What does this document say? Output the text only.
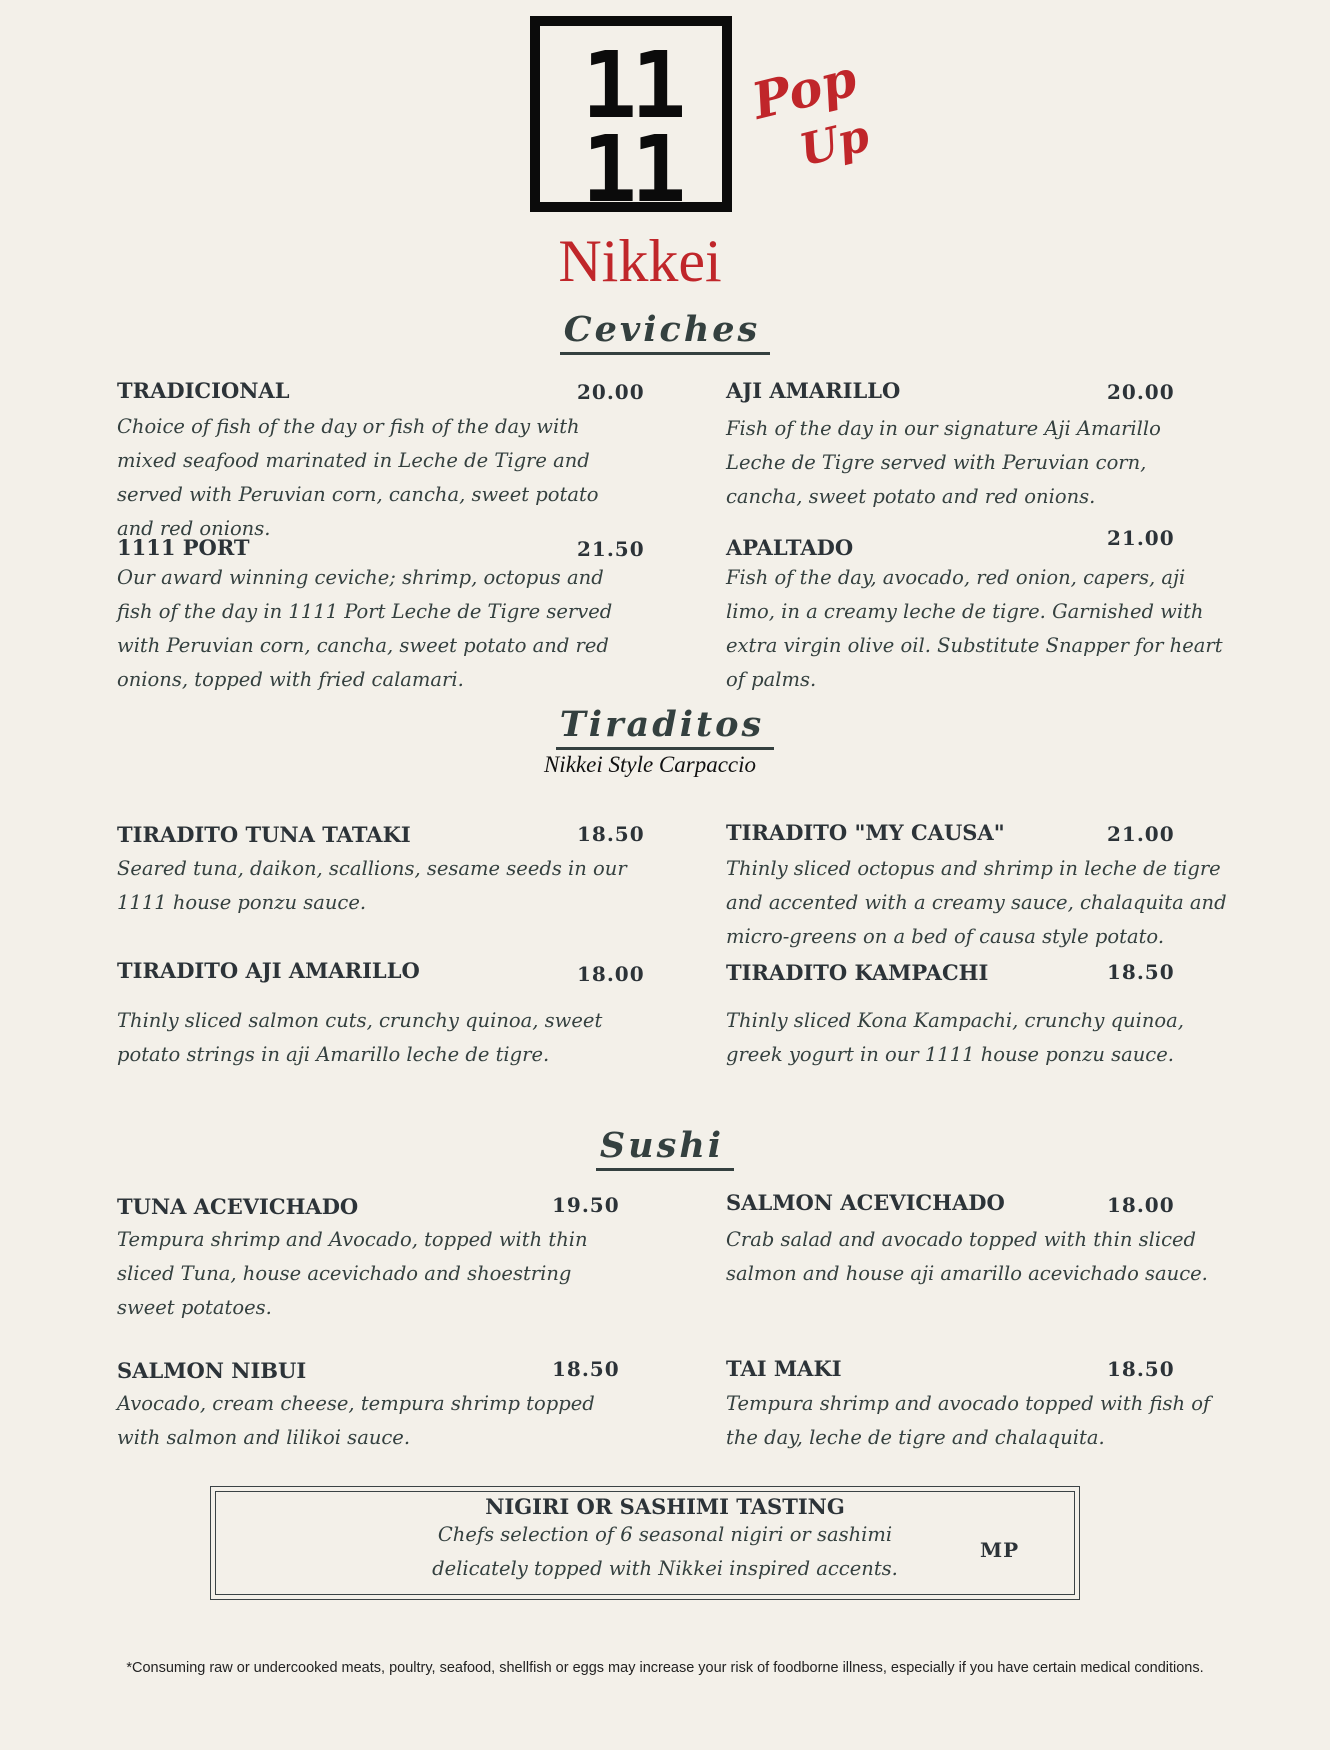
11
11
Pop
Up
Nikkei
Ceviches
TRADICIONAL	20.00
Choice of fish of the day or fish of the day with mixed seafood marinated in Leche de Tigre and served with Peruvian corn, cancha, sweet potato and red onions.
AJI AMARILLO	20.00
Fish of the day in our signature Aji Amarillo Leche de Tigre served with Peruvian corn, cancha, sweet potato and red onions.
1111 PORT	21.50
Our award winning ceviche; shrimp, octopus and fish of the day in 1111 Port Leche de Tigre served with Peruvian corn, cancha, sweet potato and red onions, topped with fried calamari.
APALTADO	21.00
Fish of the day, avocado, red onion, capers, aji limo, in a creamy leche de tigre. Garnished with extra virgin olive oil. Substitute Snapper for heart of palms.
Tiraditos
Nikkei Style Carpaccio
TIRADITO TUNA TATAKI	18.50
Seared tuna, daikon, scallions, sesame seeds in our 1111 house ponzu sauce.
TIRADITO "MY CAUSA"	21.00
Thinly sliced octopus and shrimp in leche de tigre and accented with a creamy sauce, chalaquita and micro-greens on a bed of causa style potato.
TIRADITO AJI AMARILLO	18.00
Thinly sliced salmon cuts, crunchy quinoa, sweet potato strings in aji Amarillo leche de tigre.
TIRADITO KAMPACHI	18.50
Thinly sliced Kona Kampachi, crunchy quinoa, greek yogurt in our 1111 house ponzu sauce.
Sushi
TUNA ACEVICHADO	19.50
Tempura shrimp and Avocado, topped with thin sliced Tuna, house acevichado and shoestring sweet potatoes.
SALMON ACEVICHADO	18.00
Crab salad and avocado topped with thin sliced salmon and house aji amarillo acevichado sauce.
SALMON NIBUI	18.50
Avocado, cream cheese, tempura shrimp topped with salmon and lilikoi sauce.
TAI MAKI	18.50
Tempura shrimp and avocado topped with fish of the day, leche de tigre and chalaquita.
NIGIRI OR SASHIMI TASTING
Chefs selection of 6 seasonal nigiri or sashimi
delicately topped with Nikkei inspired accents.
MP
*Consuming raw or undercooked meats, poultry, seafood, shellfish or eggs may increase your risk of foodborne illness, especially if you have certain medical conditions.
